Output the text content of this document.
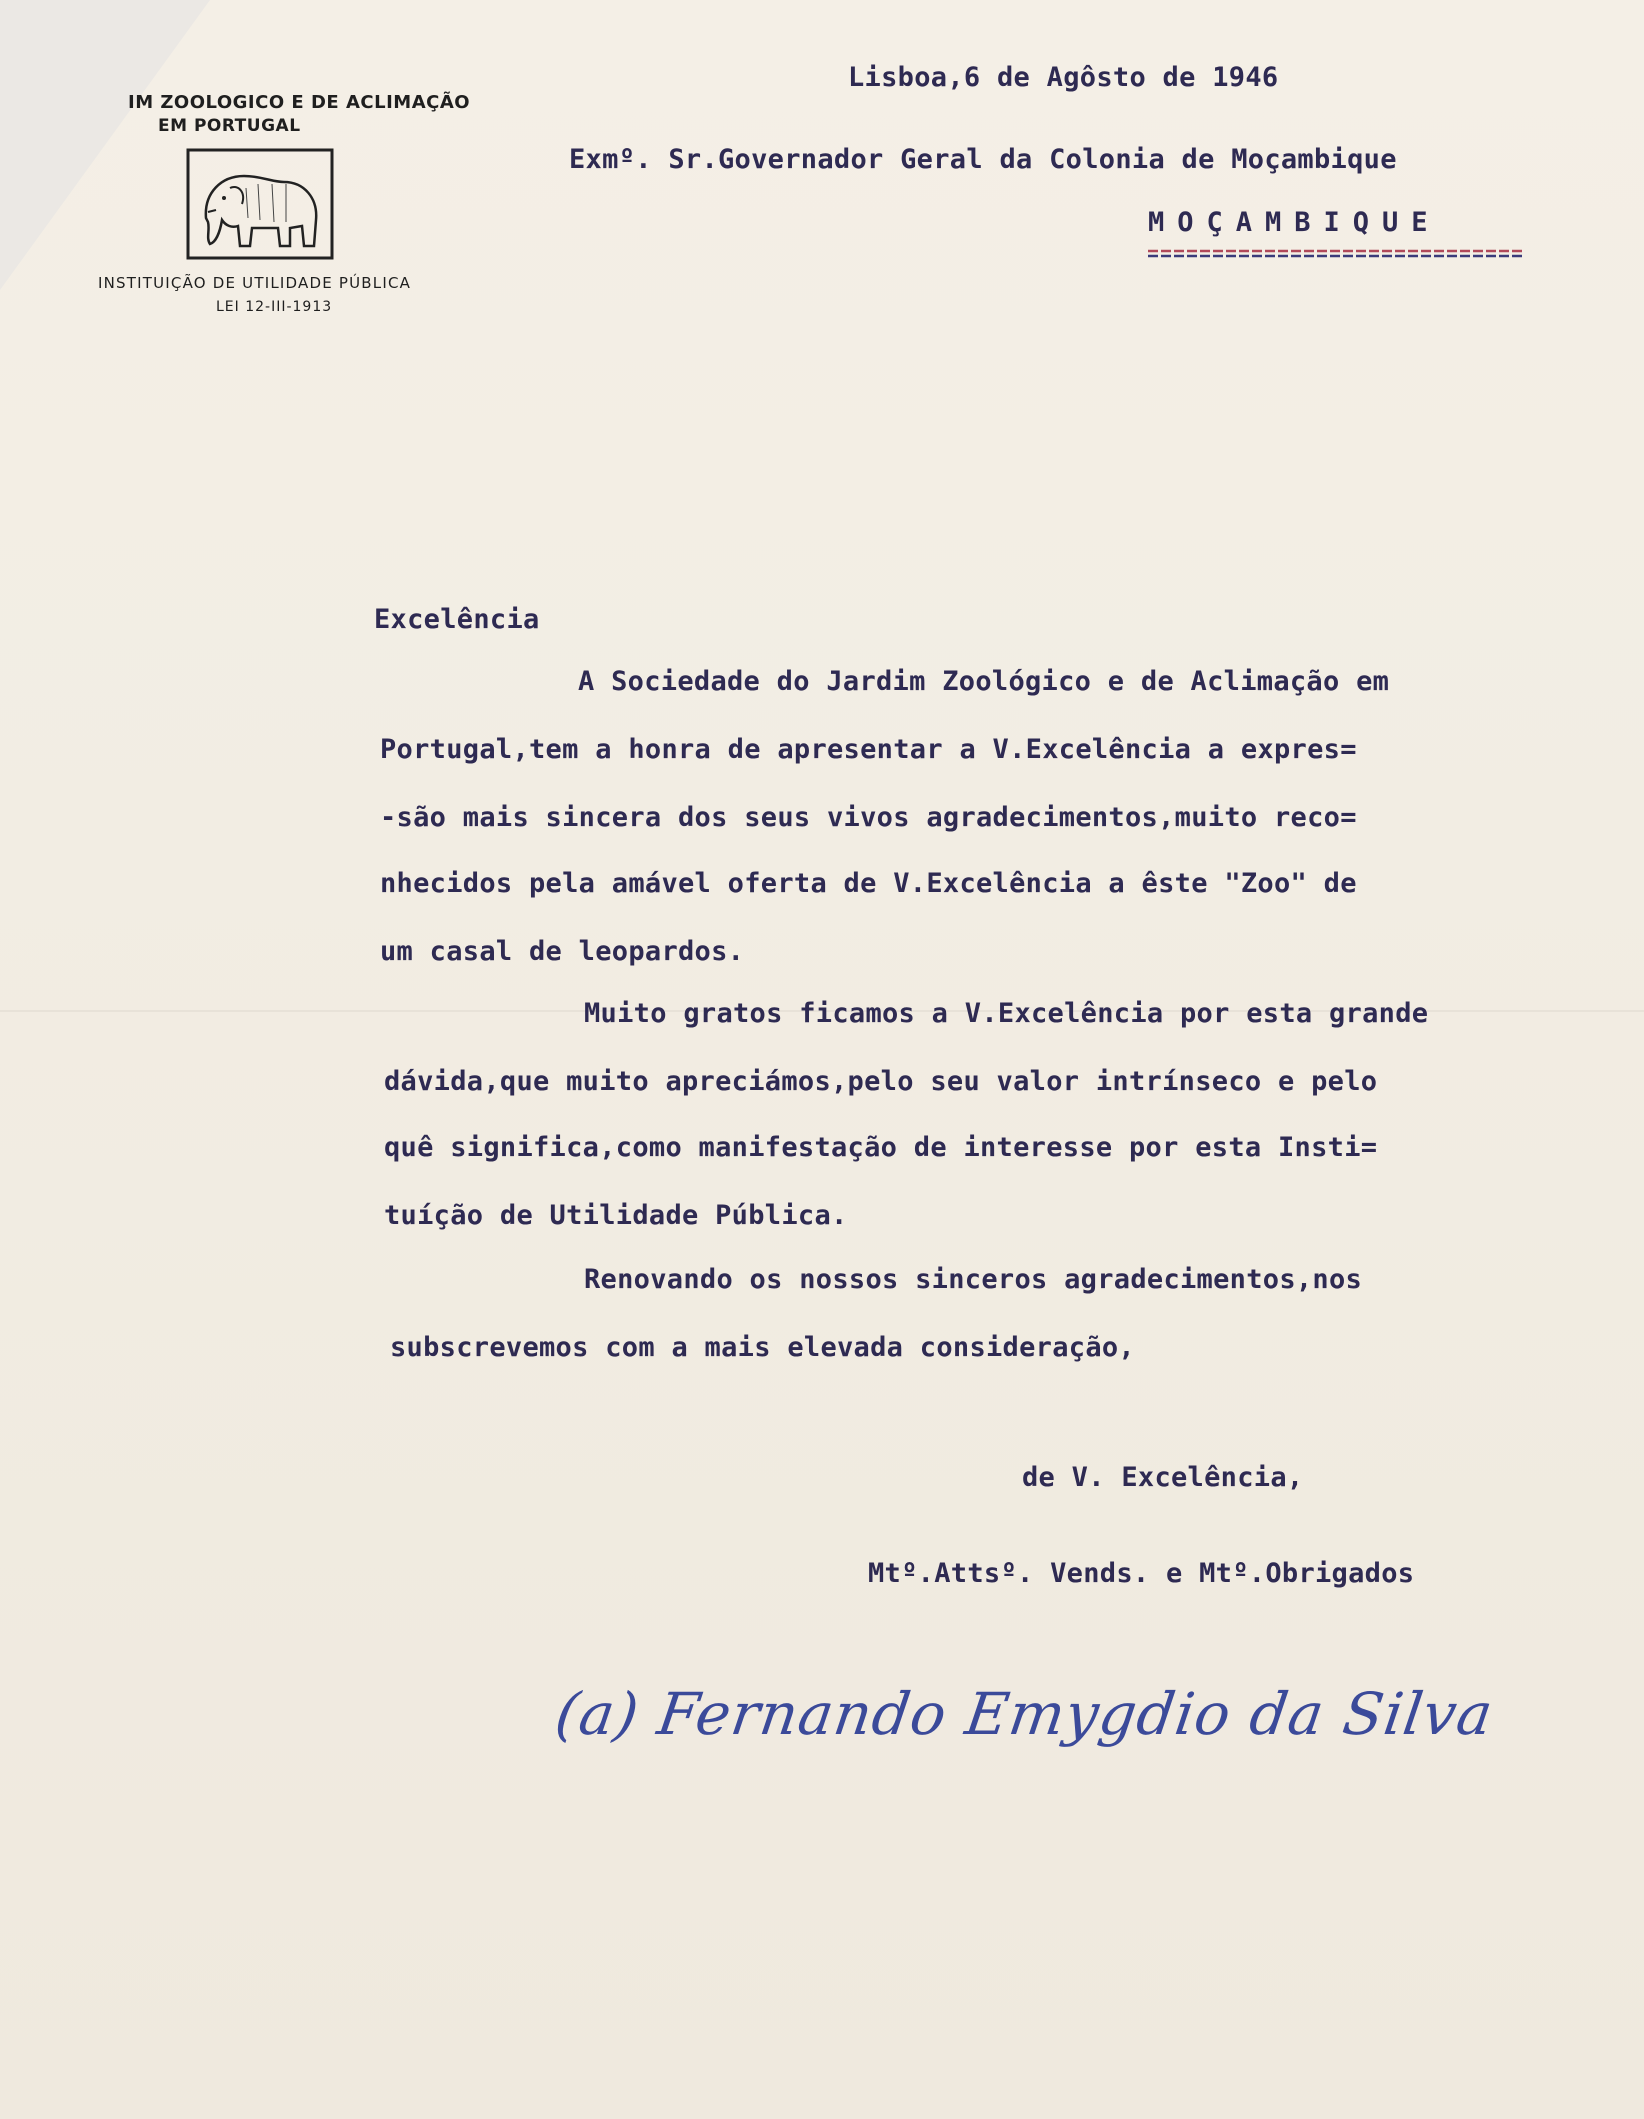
IM ZOOLOGICO E DE ACLIMAÇÃO
EM PORTUGAL
INSTITUIÇÃO DE UTILIDADE PÚBLICA
LEI 12-III-1913
Lisboa,6 de Agôsto de 1946
Exmº. Sr.Governador Geral da Colonia de Moçambique
MOÇAMBIQUE
Excelência
A Sociedade do Jardim Zoológico e de Aclimação em
Portugal,tem a honra de apresentar a V.Excelência a expres=
-são mais sincera dos seus vivos agradecimentos,muito reco=
nhecidos pela amável oferta de V.Excelência a êste "Zoo" de
um casal de leopardos.
Muito gratos ficamos a V.Excelência por esta grande
dávida,que muito apreciámos,pelo seu valor intrínseco e pelo
quê significa,como manifestação de interesse por esta Insti=
tuíção de Utilidade Pública.
Renovando os nossos sinceros agradecimentos,nos
subscrevemos com a mais elevada consideração,
de V. Excelência,
Mtº.Attsº. Vends. e Mtº.Obrigados
(a) Fernando Emygdio da Silva
